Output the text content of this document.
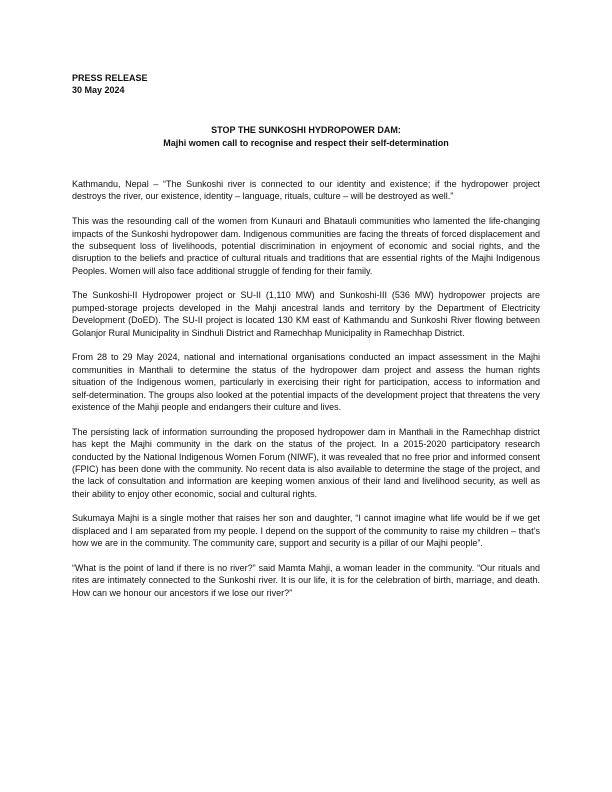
PRESS RELEASE

30 May 2024

STOP THE SUNKOSHI HYDROPOWER DAM:

Majhi women call to recognise and respect their self-determination

Kathmandu, Nepal – “The Sunkoshi river is connected to our identity and existence; if the hydropower project destroys the river, our existence, identity – language, rituals, culture – will be destroyed as well.”

This was the resounding call of the women from Kunauri and Bhatauli communities who lamented the life-changing impacts of the Sunkoshi hydropower dam. Indigenous communities are facing the threats of forced displacement and the subsequent loss of livelihoods, potential discrimination in enjoyment of economic and social rights, and the disruption to the beliefs and practice of cultural rituals and traditions that are essential rights of the Majhi Indigenous Peoples. Women will also face additional struggle of fending for their family.

The Sunkoshi-II Hydropower project or SU-II (1,110 MW) and Sunkoshi-III (536 MW) hydropower projects are pumped-storage projects developed in the Mahji ancestral lands and territory by the Department of Electricity Development (DoED). The SU-II project is located 130 KM east of Kathmandu and Sunkoshi River flowing between Golanjor Rural Municipality in Sindhuli District and Ramechhap Municipality in Ramechhap District.

From 28 to 29 May 2024, national and international organisations conducted an impact assessment in the Majhi communities in Manthali to determine the status of the hydropower dam project and assess the human rights situation of the Indigenous women, particularly in exercising their right for participation, access to information and self-determination. The groups also looked at the potential impacts of the development project that threatens the very existence of the Mahji people and endangers their culture and lives.

The persisting lack of information surrounding the proposed hydropower dam in Manthali in the Ramechhap district has kept the Majhi community in the dark on the status of the project. In a 2015-2020 participatory research conducted by the National Indigenous Women Forum (NIWF), it was revealed that no free prior and informed consent (FPIC) has been done with the community. No recent data is also available to determine the stage of the project, and the lack of consultation and information are keeping women anxious of their land and livelihood security, as well as their ability to enjoy other economic, social and cultural rights.

Sukumaya Majhi is a single mother that raises her son and daughter, “I cannot imagine what life would be if we get displaced and I am separated from my people. I depend on the support of the community to raise my children – that’s how we are in the community. The community care, support and security is a pillar of our Majhi people”.

“What is the point of land if there is no river?” said Mamta Mahji, a woman leader in the community. “Our rituals and rites are intimately connected to the Sunkoshi river. It is our life, it is for the celebration of birth, marriage, and death. How can we honour our ancestors if we lose our river?”
